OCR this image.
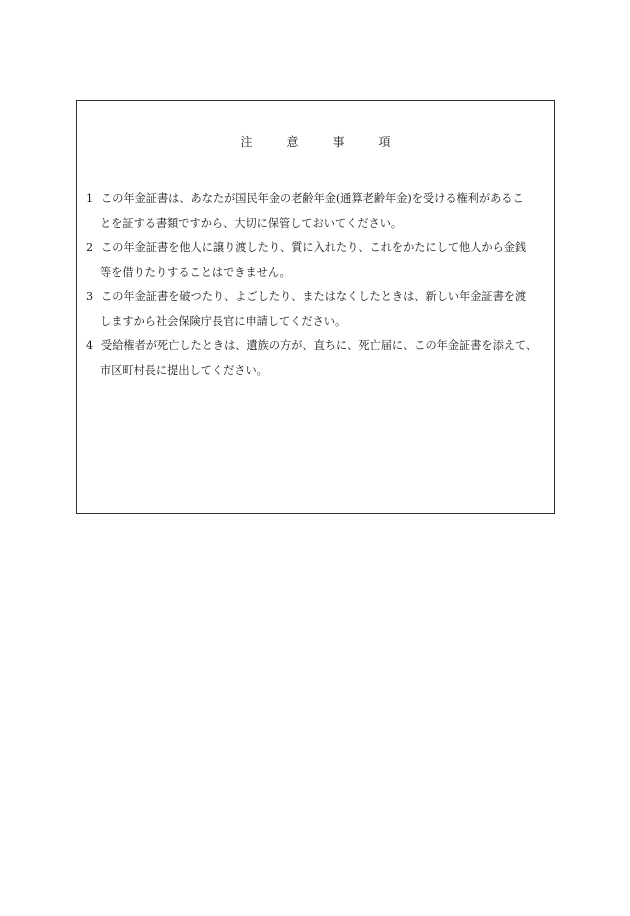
注	意	事	項
1 この年金証書は、あなたが国民年金の老齢年金(通算老齢年金)を受ける権利があるこ
とを証する書類ですから、大切に保管しておいてください。
2 この年金証書を他人に譲り渡したり、質に入れたり、これをかたにして他人から金銭
等を借りたりすることはできません。
3 この年金証書を破つたり、よごしたり、またはなくしたときは、新しい年金証書を渡
しますから社会保険庁長官に申請してください。
4 受給権者が死亡したときは、遺族の方が、直ちに、死亡届に、この年金証書を添えて、
市区町村長に提出してください。
